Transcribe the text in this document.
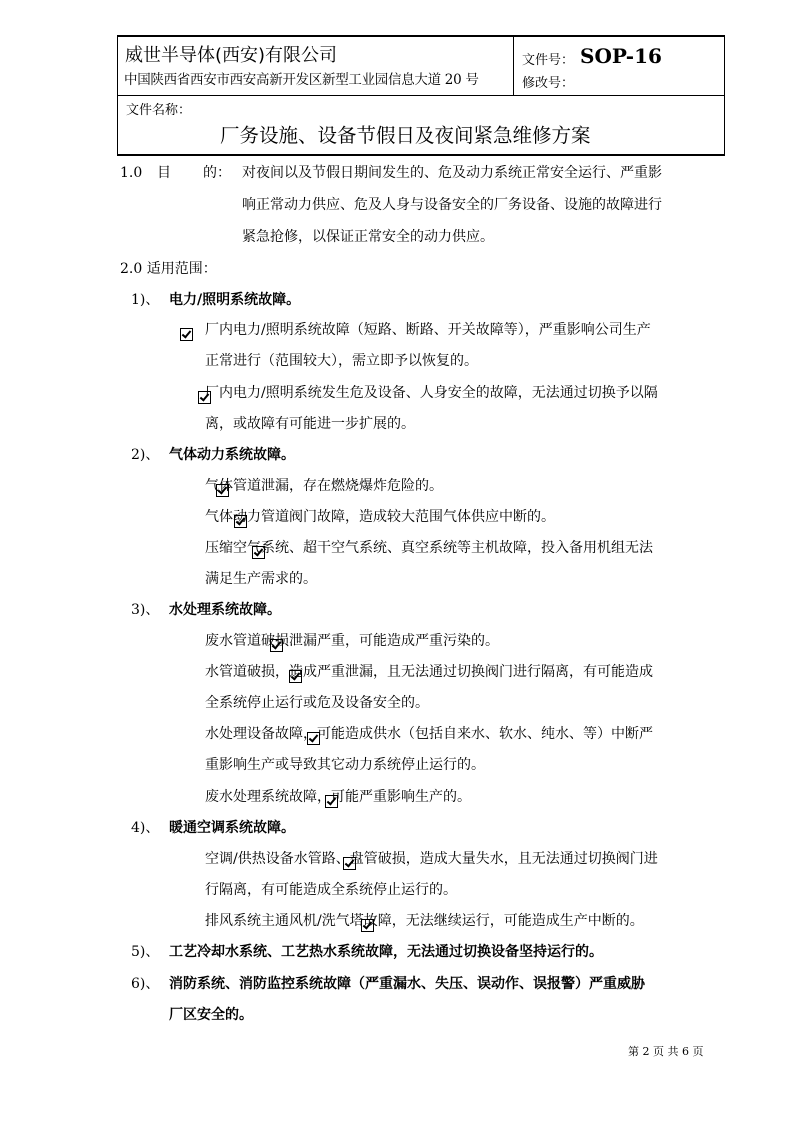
威世半导体(西安)有限公司
中国陕西省西安市西安高新开发区新型工业园信息大道 20 号
文件号： SOP-16
修改号：
文件名称：
厂务设施、设备节假日及夜间紧急维修方案
1.0 目 的： 对夜间以及节假日期间发生的、危及动力系统正常安全运行、严重影
响正常动力供应、危及人身与设备安全的厂务设备、设施的故障进行
紧急抢修，以保证正常安全的动力供应。
2.0 适用范围：
1)、 电力/照明系统故障。

厂内电力/照明系统故障（短路、断路、开关故障等），严重影响公司生产
正常进行（范围较大），需立即予以恢复的。

厂内电力/照明系统发生危及设备、人身安全的故障，无法通过切换予以隔
离，或故障有可能进一步扩展的。
2)、 气体动力系统故障。

气体管道泄漏，存在燃烧爆炸危险的。

气体动力管道阀门故障，造成较大范围气体供应中断的。

压缩空气系统、超干空气系统、真空系统等主机故障，投入备用机组无法
满足生产需求的。
3)、 水处理系统故障。

废水管道破损泄漏严重，可能造成严重污染的。

水管道破损，造成严重泄漏，且无法通过切换阀门进行隔离，有可能造成
全系统停止运行或危及设备安全的。

水处理设备故障，可能造成供水（包括自来水、软水、纯水、等）中断严
重影响生产或导致其它动力系统停止运行的。

废水处理系统故障，可能严重影响生产的。
4)、 暖通空调系统故障。

空调/供热设备水管路、盘管破损，造成大量失水，且无法通过切换阀门进
行隔离，有可能造成全系统停止运行的。
排风系统主通风机/洗气塔故障，无法继续运行，可能造成生产中断的。
5)、 工艺冷却水系统、工艺热水系统故障，无法通过切换设备坚持运行的。
6)、 消防系统、消防监控系统故障（严重漏水、失压、误动作、误报警）严重威胁
厂区安全的。
第 2 页 共 6 页
